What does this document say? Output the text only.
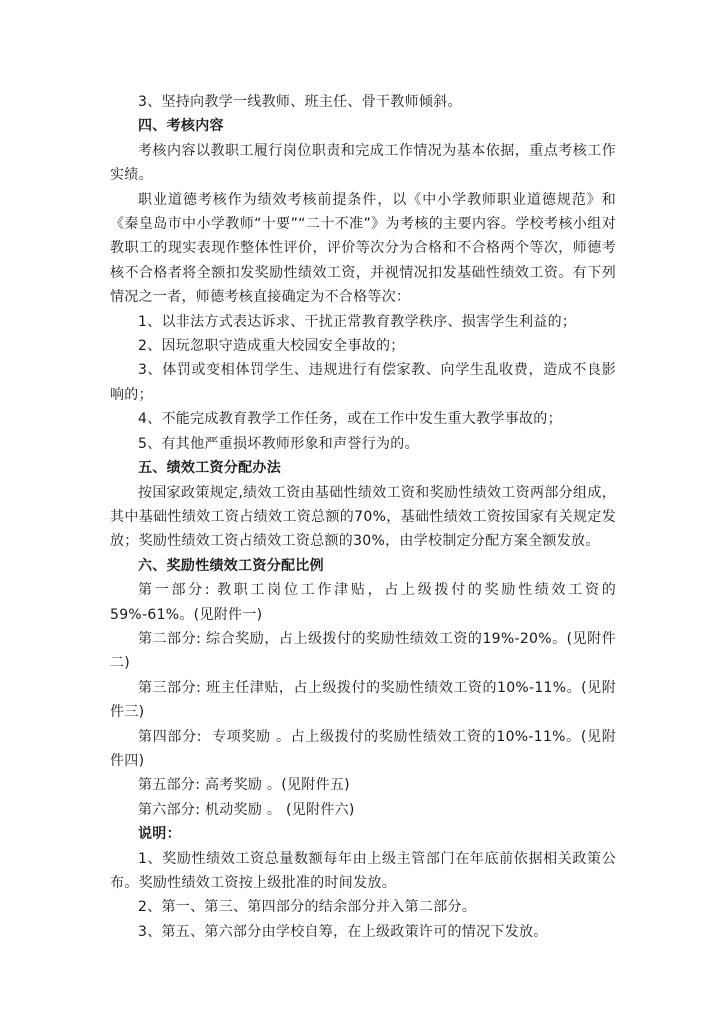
3、坚持向教学一线教师、班主任、骨干教师倾斜。

四、考核内容

考核内容以教职工履行岗位职责和完成工作情况为基本依据，重点考核工作实绩。

职业道德考核作为绩效考核前提条件，以《中小学教师职业道德规范》和《秦皇岛市中小学教师“十要”“二十不准”》为考核的主要内容。学校考核小组对教职工的现实表现作整体性评价，评价等次分为合格和不合格两个等次，师德考核不合格者将全额扣发奖励性绩效工资，并视情况扣发基础性绩效工资。有下列情况之一者，师德考核直接确定为不合格等次：

1、以非法方式表达诉求、干扰正常教育教学秩序、损害学生利益的；

2、因玩忽职守造成重大校园安全事故的；

3、体罚或变相体罚学生、违规进行有偿家教、向学生乱收费，造成不良影响的；

4、不能完成教育教学工作任务，或在工作中发生重大教学事故的；

5、有其他严重损坏教师形象和声誉行为的。

五、绩效工资分配办法

按国家政策规定,绩效工资由基础性绩效工资和奖励性绩效工资两部分组成，其中基础性绩效工资占绩效工资总额的70%，基础性绩效工资按国家有关规定发放；奖励性绩效工资占绩效工资总额的30%，由学校制定分配方案全额发放。

六、奖励性绩效工资分配比例

第一部分: 教职工岗位工作津贴，占上级拨付的奖励性绩效工资的59%-61%。(见附件一)

第二部分: 综合奖励，占上级拨付的奖励性绩效工资的19%-20%。(见附件二)

第三部分: 班主任津贴，占上级拨付的奖励性绩效工资的10%-11%。(见附件三)

第四部分:  专项奖励 。占上级拨付的奖励性绩效工资的10%-11%。(见附件四)

第五部分: 高考奖励 。(见附件五)

第六部分: 机动奖励 。 (见附件六)

说明：

1、奖励性绩效工资总量数额每年由上级主管部门在年底前依据相关政策公布。奖励性绩效工资按上级批准的时间发放。

2、第一、第三、第四部分的结余部分并入第二部分。

3、第五、第六部分由学校自筹，在上级政策许可的情况下发放。
